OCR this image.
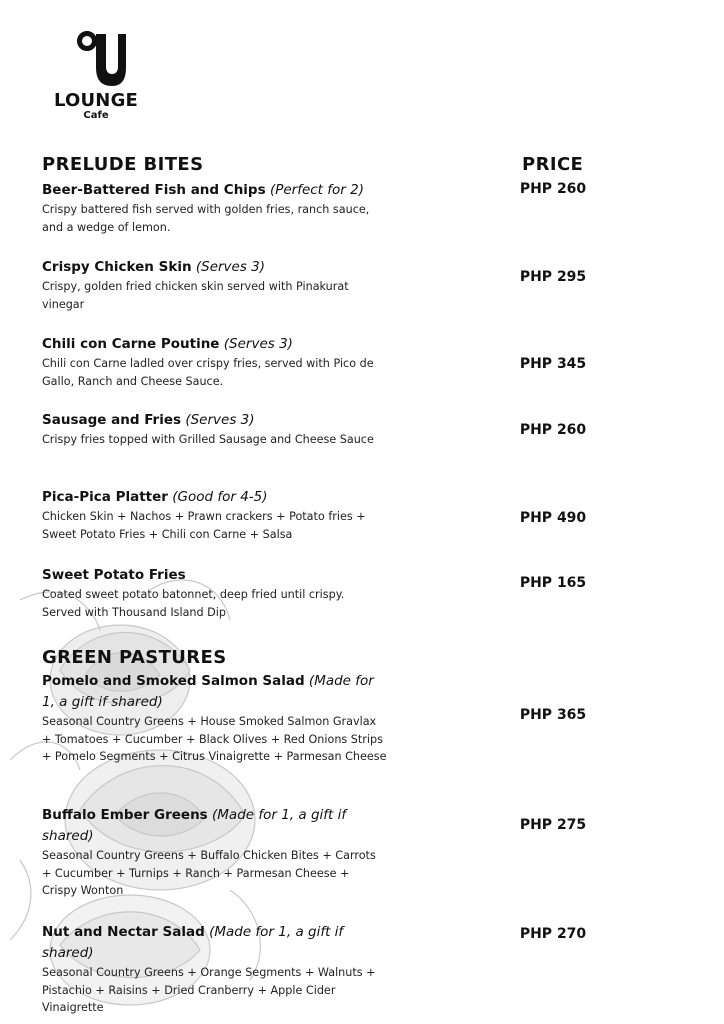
LOUNGE
Cafe
PRELUDE BITES	PRICE
Beer-Battered Fish and Chips (Perfect for 2)
Crispy battered fish served with golden fries, ranch sauce, and a wedge of lemon.
PHP 260
Crispy Chicken Skin (Serves 3)
Crispy, golden fried chicken skin served with Pinakurat vinegar
PHP 295
Chili con Carne Poutine (Serves 3)
Chili con Carne ladled over crispy fries, served with Pico de Gallo, Ranch and Cheese Sauce.
PHP 345
Sausage and Fries (Serves 3)
Crispy fries topped with Grilled Sausage and Cheese Sauce
PHP 260
Pica-Pica Platter (Good for 4-5)
Chicken Skin + Nachos + Prawn crackers + Potato fries + Sweet Potato Fries + Chili con Carne + Salsa
PHP 490
Sweet Potato Fries
Coated sweet potato batonnet, deep fried until crispy. Served with Thousand Island Dip
PHP 165
GREEN PASTURES
Pomelo and Smoked Salmon Salad (Made for 1, a gift if shared)
Seasonal Country Greens + House Smoked Salmon Gravlax + Tomatoes + Cucumber + Black Olives + Red Onions Strips + Pomelo Segments + Citrus Vinaigrette + Parmesan Cheese
PHP 365
Buffalo Ember Greens (Made for 1, a gift if shared)
Seasonal Country Greens + Buffalo Chicken Bites + Carrots + Cucumber + Turnips + Ranch + Parmesan Cheese + Crispy Wonton
PHP 275
Nut and Nectar Salad (Made for 1, a gift if shared)
Seasonal Country Greens + Orange Segments + Walnuts + Pistachio + Raisins + Dried Cranberry + Apple Cider Vinaigrette
PHP 270
